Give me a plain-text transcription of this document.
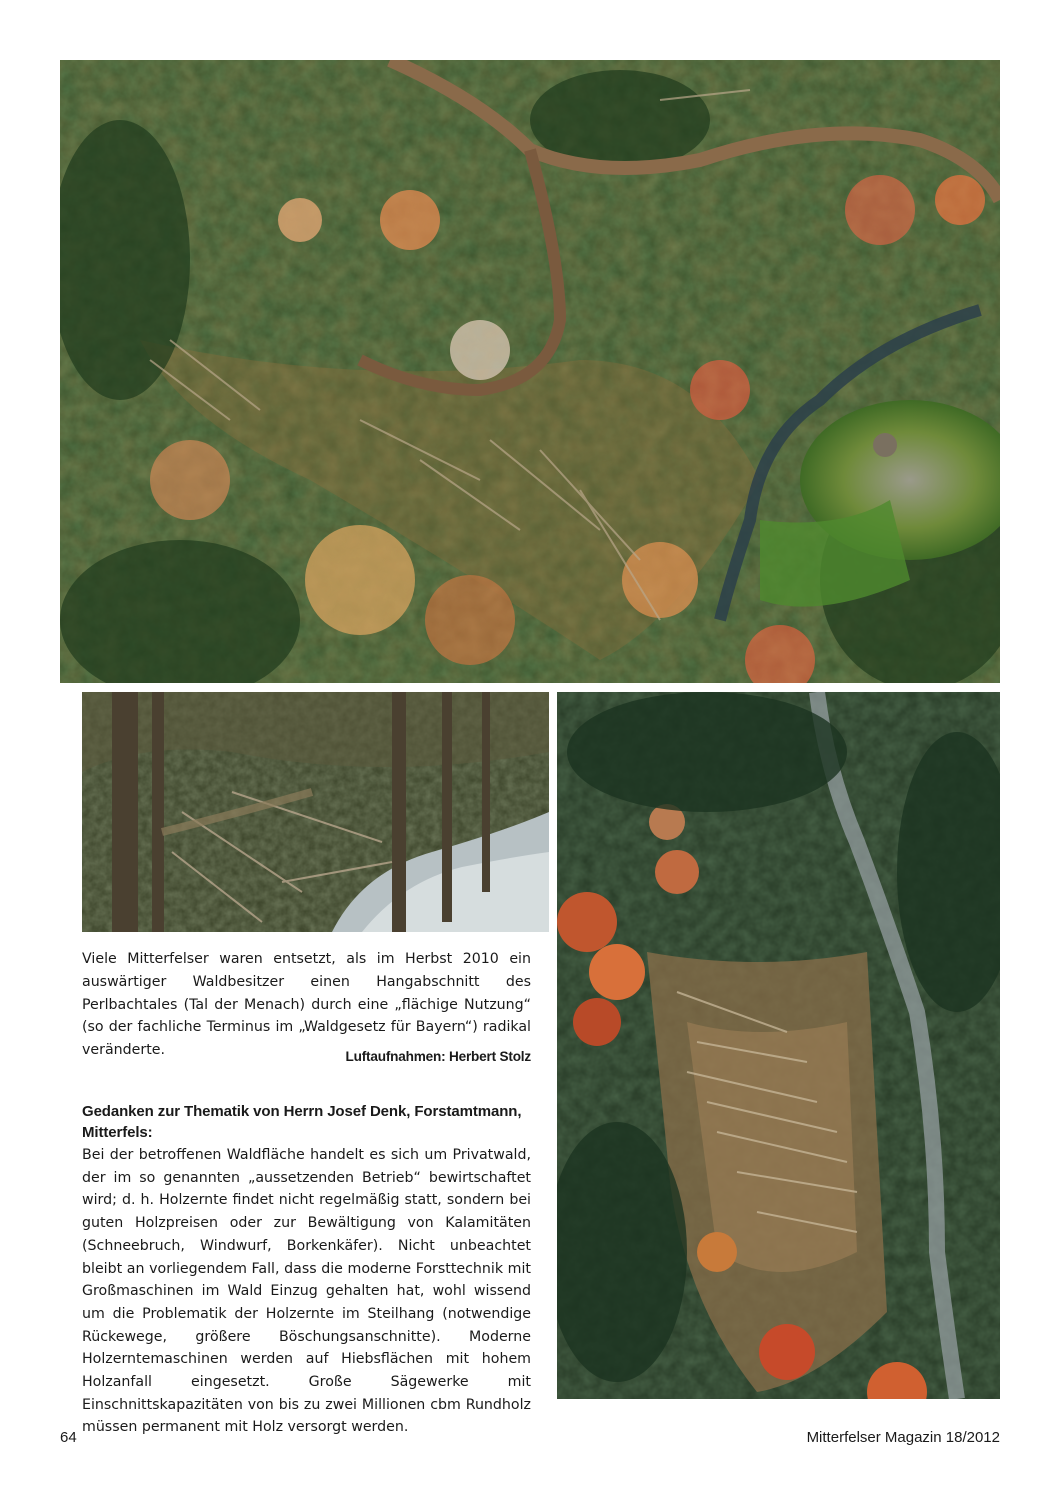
Viele Mitterfelser waren entsetzt, als im Herbst 2010 ein auswärtiger Waldbesitzer einen Hangabschnitt des Perlbachtales (Tal der Menach) durch eine „flächige Nutzung“ (so der fachliche Terminus im „Waldgesetz für Bayern“) radikal veränderte.	Luftaufnahmen: Herbert Stolz

Gedanken zur Thematik von Herrn Josef Denk, Forstamtmann, Mitterfels:

Bei der betroffenen Waldfläche handelt es sich um Privatwald, der im so genannten „aussetzenden Betrieb“ bewirtschaftet wird; d. h. Holzernte findet nicht regelmäßig statt, sondern bei guten Holzpreisen oder zur Bewältigung von Kalamitäten (Schneebruch, Windwurf, Borkenkäfer). Nicht unbeachtet bleibt an vorliegendem Fall, dass die moderne Forsttechnik mit Großmaschinen im Wald Einzug gehalten hat, wohl wissend um die Problematik der Holzernte im Steilhang (notwendige Rückewege, größere Böschungsanschnitte). Moderne Holzerntemaschinen werden auf Hiebsflächen mit hohem Holzanfall eingesetzt. Große Sägewerke mit Einschnittskapazitäten von bis zu zwei Millionen cbm Rundholz müssen permanent mit Holz versorgt werden.

64	Mitterfelser Magazin 18/2012
